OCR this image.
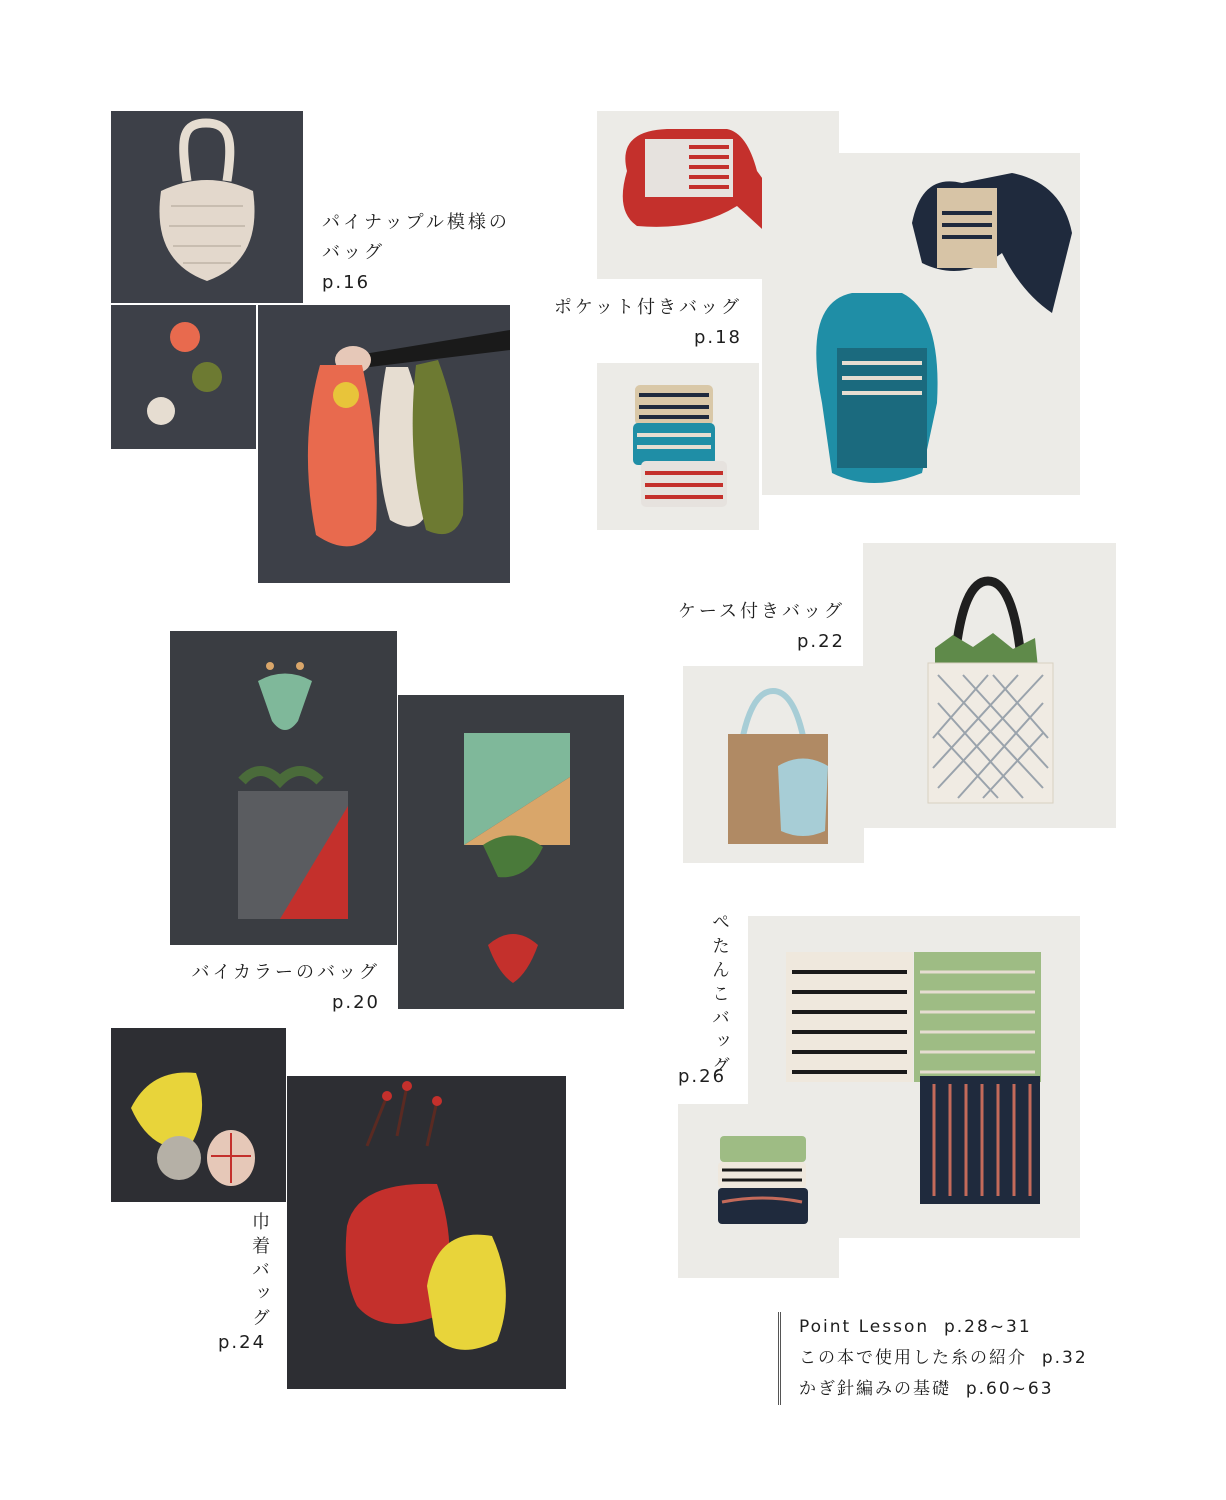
パイナップル模様の
バッグ
p.16
ポケット付きバッグ
p.18
バイカラーのバッグ
p.20
ケース付きバッグ
p.22
巾着バッグ
p.24
ぺたんこバッグ
p.26
Point Lesson p.28~31
この本で使用した糸の紹介 p.32
かぎ針編みの基礎 p.60~63
